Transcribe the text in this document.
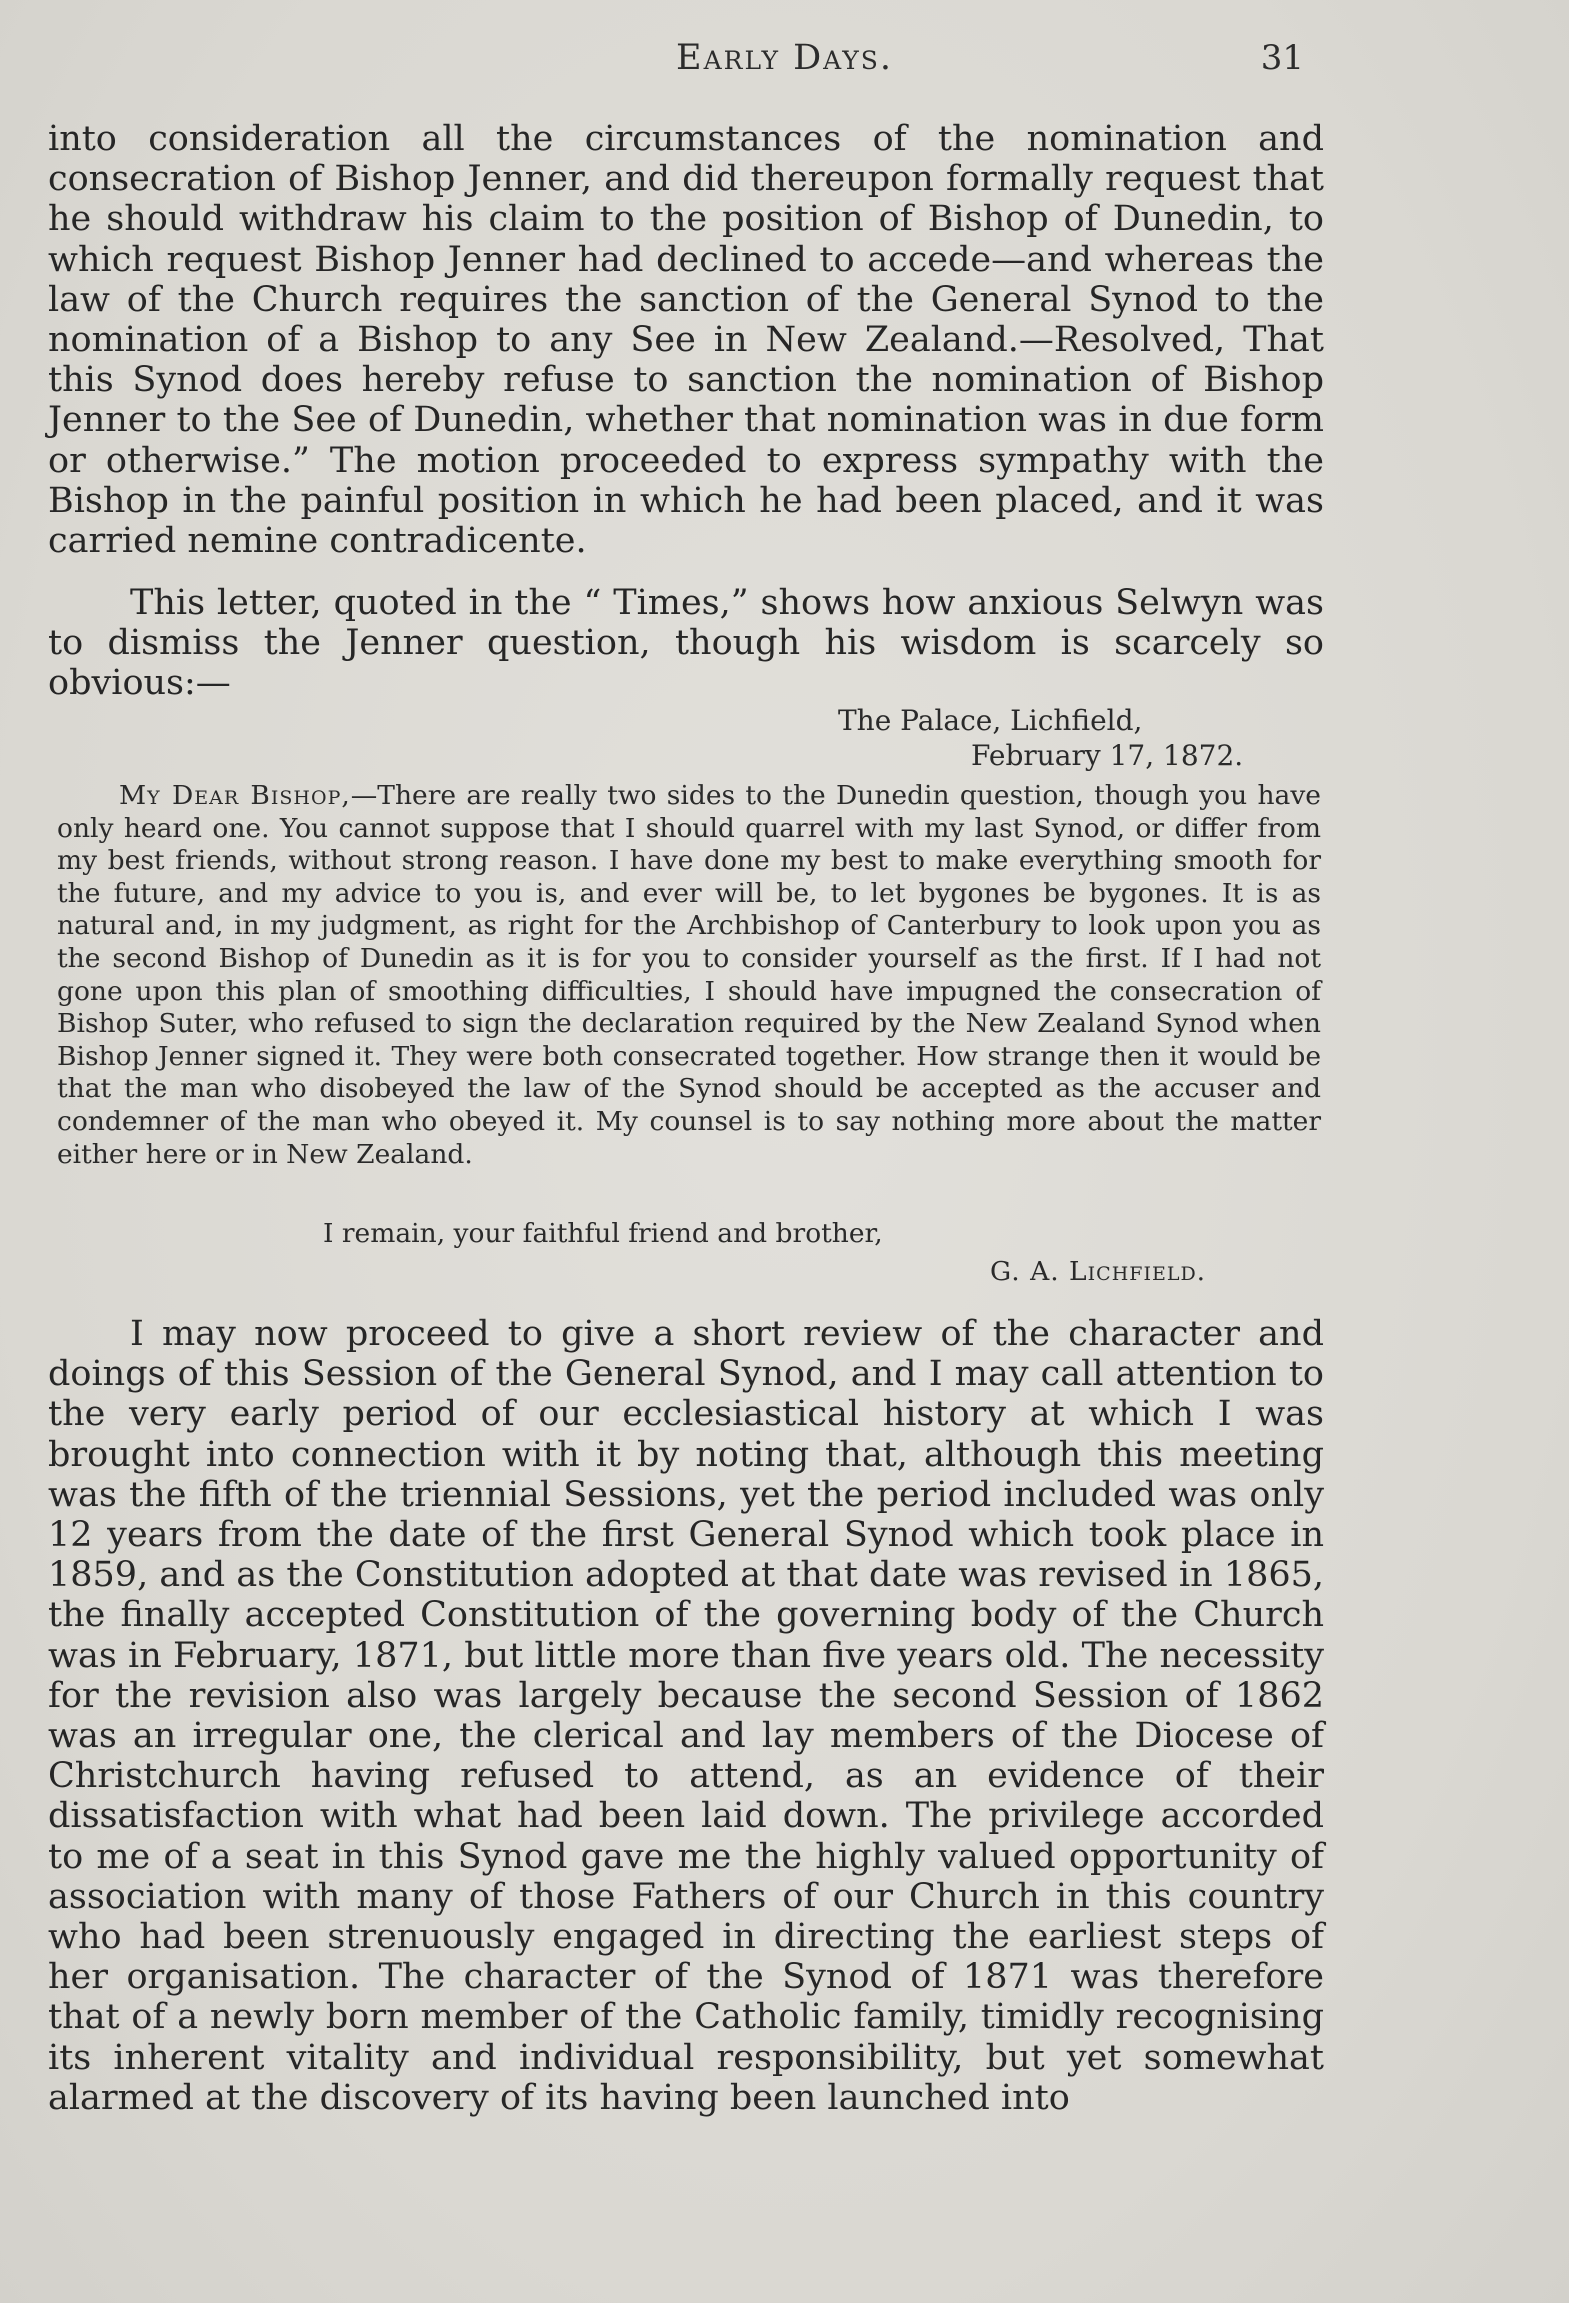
Early Days.	31

into consideration all the circumstances of the nomination and consecration of Bishop Jenner, and did thereupon formally request that he should withdraw his claim to the position of Bishop of Dunedin, to which request Bishop Jenner had declined to accede—and whereas the law of the Church requires the sanction of the General Synod to the nomination of a Bishop to any See in New Zealand.—Resolved, That this Synod does hereby refuse to sanction the nomination of Bishop Jenner to the See of Dunedin, whether that nomination was in due form or otherwise.” The motion proceeded to express sympathy with the Bishop in the painful position in which he had been placed, and it was carried nemine contradicente.

This letter, quoted in the “ Times,” shows how anxious Selwyn was to dismiss the Jenner question, though his wisdom is scarcely so obvious:—

The Palace, Lichfield,
February 17, 1872.

My Dear Bishop,—There are really two sides to the Dunedin question, though you have only heard one. You cannot suppose that I should quarrel with my last Synod, or differ from my best friends, without strong reason. I have done my best to make everything smooth for the future, and my advice to you is, and ever will be, to let bygones be bygones. It is as natural and, in my judgment, as right for the Archbishop of Canterbury to look upon you as the second Bishop of Dunedin as it is for you to consider yourself as the first. If I had not gone upon this plan of smoothing difficulties, I should have impugned the consecration of Bishop Suter, who refused to sign the declaration required by the New Zealand Synod when Bishop Jenner signed it. They were both consecrated together. How strange then it would be that the man who disobeyed the law of the Synod should be accepted as the accuser and condemner of the man who obeyed it. My counsel is to say nothing more about the matter either here or in New Zealand.

I remain, your faithful friend and brother,
G. A. Lichfield.

I may now proceed to give a short review of the character and doings of this Session of the General Synod, and I may call attention to the very early period of our ecclesiastical history at which I was brought into connection with it by noting that, although this meeting was the fifth of the triennial Sessions, yet the period included was only 12 years from the date of the first General Synod which took place in 1859, and as the Constitution adopted at that date was revised in 1865, the finally accepted Constitution of the governing body of the Church was in February, 1871, but little more than five years old. The necessity for the revision also was largely because the second Session of 1862 was an irregular one, the clerical and lay members of the Diocese of Christchurch having refused to attend, as an evidence of their dissatisfaction with what had been laid down. The privilege accorded to me of a seat in this Synod gave me the highly valued opportunity of association with many of those Fathers of our Church in this country who had been strenuously engaged in directing the earliest steps of her organisation. The character of the Synod of 1871 was therefore that of a newly born member of the Catholic family, timidly recognising its inherent vitality and individual responsibility, but yet somewhat alarmed at the discovery of its having been launched into
